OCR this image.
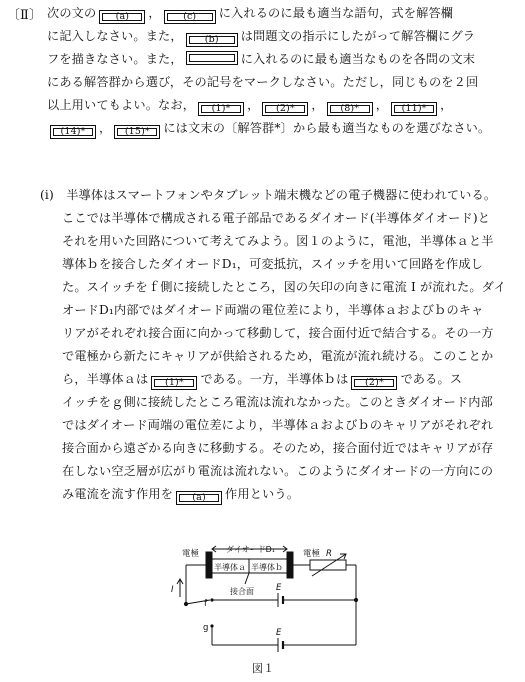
〔Ⅱ〕 次の文の (a) ， (c) に入れるのに最も適当な語句，式を解答欄
に記入しなさい。また， (b) は問題文の指示にしたがって解答欄にグラ
フを描きなさい。また，	に入れるのに最も適当なものを各問の文末
にある解答群から選び，その記号をマークしなさい。ただし，同じものを２回
以上用いてもよい。なお， (1)* ， (2)* ， (8)* ， (11)* ，
(14)* ， (15)* には文末の〔解答群*〕から最も適当なものを選びなさい。
(i)　半導体はスマートフォンやタブレット端末機などの電子機器に使われている。
ここでは半導体で構成される電子部品であるダイオード(半導体ダイオード)と
それを用いた回路について考えてみよう。図１のように，電池，半導体ａと半
導体ｂを接合したダイオードD₁，可変抵抗，スイッチを用いて回路を作成し
た。スイッチをｆ側に接続したところ，図の矢印の向きに電流 I が流れた。ダイ
オードD₁内部ではダイオード両端の電位差により，半導体ａおよびｂのキャ
リアがそれぞれ接合面に向かって移動して，接合面付近で結合する。その一方
で電極から新たにキャリアが供給されるため，電流が流れ続ける。このことか
ら，半導体ａは (1)* である。一方，半導体ｂは (2)* である。ス
イッチをｇ側に接続したところ電流は流れなかった。このときダイオード内部
ではダイオード両端の電位差により，半導体ａおよびｂのキャリアがそれぞれ
接合面から遠ざかる向きに移動する。そのため，接合面付近ではキャリアが存
在しない空乏層が広がり電流は流れない。このようにダイオードの一方向にの
み電流を流す作用を (a) 作用という。
電極	電極
ダイオードD₁
半導体ａ 半導体ｂ
接合面
R
E
E
I
f
g
図１
